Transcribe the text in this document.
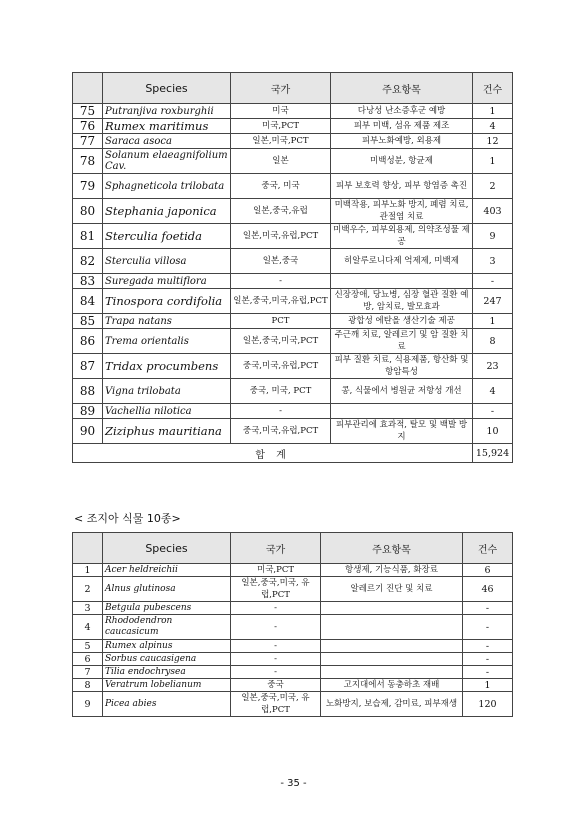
	Species	국가	주요항목	건수
75	Putranjiva roxburghii	미국	다낭성 난소증후군 예방	1
76	Rumex maritimus	미국,PCT	피부 미백, 섬유 제품 제조	4
77	Saraca asoca	일본,미국,PCT	피부노화예방, 외용제	12
78	Solanum elaeagnifolium Cav.	일본	미백성분, 항균제	1
79	Sphagneticola trilobata	중국, 미국	피부 보호력 향상, 피부 항염증 촉진	2
80	Stephania japonica	일본,중국,유럽	미백작용, 피부노화 방지, 폐렴 치료, 관절염 치료	403
81	Sterculia foetida	일본,미국,유럽,PCT	미백우수, 피부외용제, 의약조성물 제공	9
82	Sterculia villosa	일본,중국	히알루로니다제 억제제, 미백제	3
83	Suregada multiflora	-		-
84	Tinospora cordifolia	일본,중국,미국,유럽,PCT	신장장애, 당뇨병, 심장 혈관 질환 예방, 암치료, 발모효과	247
85	Trapa natans	PCT	광합성 에탄올 생산기술 제공	1
86	Trema orientalis	일본,중국,미국,PCT	주근깨 치료, 알레르기 및 암 질환 치료	8
87	Tridax procumbens	중국,미국,유럽,PCT	피부 질환 치료, 식용제품, 항산화 및 항암특성	23
88	Vigna trilobata	중국, 미국, PCT	콩, 식물에서 병원균 저항성 개선	4
89	Vachellia nilotica	-		-
90	Ziziphus mauritiana	중국,미국,유럽,PCT	피부관리에 효과적, 탈모 및 백발 방지	10
합 계				15,924
< 조지아 식물 10종>
	Species	국가	주요항목	건수
1	Acer heldreichii	미국,PCT	항생제, 기능식품, 화장료	6
2	Alnus glutinosa	일본,중국,미국, 유럽,PCT	알레르기 진단 및 치료	46
3	Betgula pubescens	-		-
4	Rhododendron caucasicum	-		-
5	Rumex alpinus	-		-
6	Sorbus caucasigena	-		-
7	Tilia endochrysea	-		-
8	Veratrum lobelianum	중국	고지대에서 동충하초 재배	1
9	Picea abies	일본,중국,미국, 유럽,PCT	노화방지, 보습제, 감미료, 피부재생	120
- 35 -
